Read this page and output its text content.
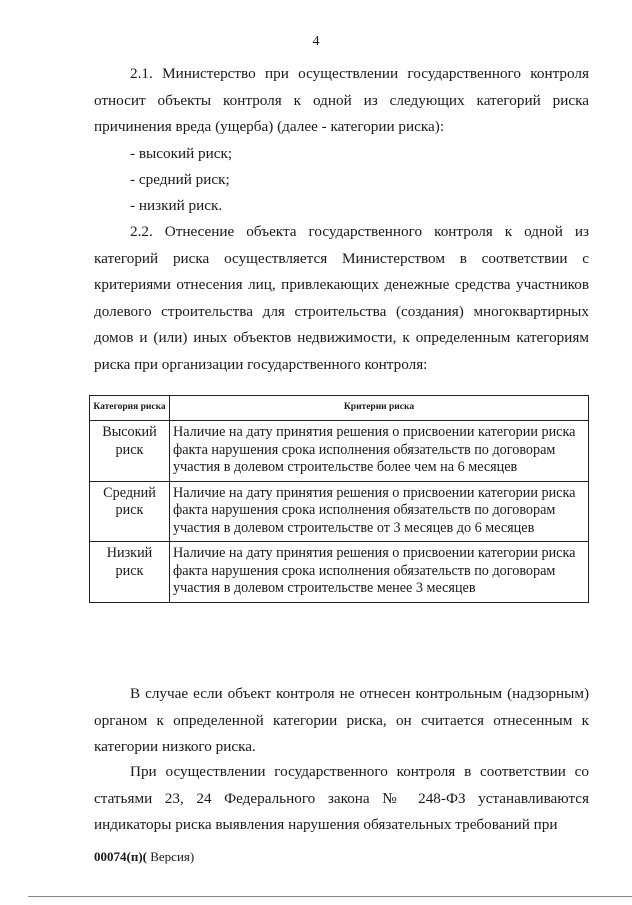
4

2.1. Министерство при осуществлении государственного контроля относит объекты контроля к одной из следующих категорий риска причинения вреда (ущерба) (далее - категории риска):

- высокий риск;
- средний риск;
- низкий риск.

2.2. Отнесение объекта государственного контроля к одной из категорий риска осуществляется Министерством в соответствии с критериями отнесения лиц, привлекающих денежные средства участников долевого строительства для строительства (создания) многоквартирных домов и (или) иных объектов недвижимости, к определенным категориям риска при организации государственного контроля:

Категория риска	Критерии риска
Высокий риск	Наличие на дату принятия решения о присвоении категории риска факта нарушения срока исполнения обязательств по договорам участия в долевом строительстве более чем на 6 месяцев
Средний риск	Наличие на дату принятия решения о присвоении категории риска факта нарушения срока исполнения обязательств по договорам участия в долевом строительстве от 3 месяцев до 6 месяцев
Низкий риск	Наличие на дату принятия решения о присвоении категории риска факта нарушения срока исполнения обязательств по договорам участия в долевом строительстве менее 3 месяцев

В случае если объект контроля не отнесен контрольным (надзорным) органом к определенной категории риска, он считается отнесенным к категории низкого риска.

При осуществлении государственного контроля в соответствии со статьями 23, 24 Федерального закона № 248-ФЗ устанавливаются индикаторы риска выявления нарушения обязательных требований при

00074(п)( Версия)
